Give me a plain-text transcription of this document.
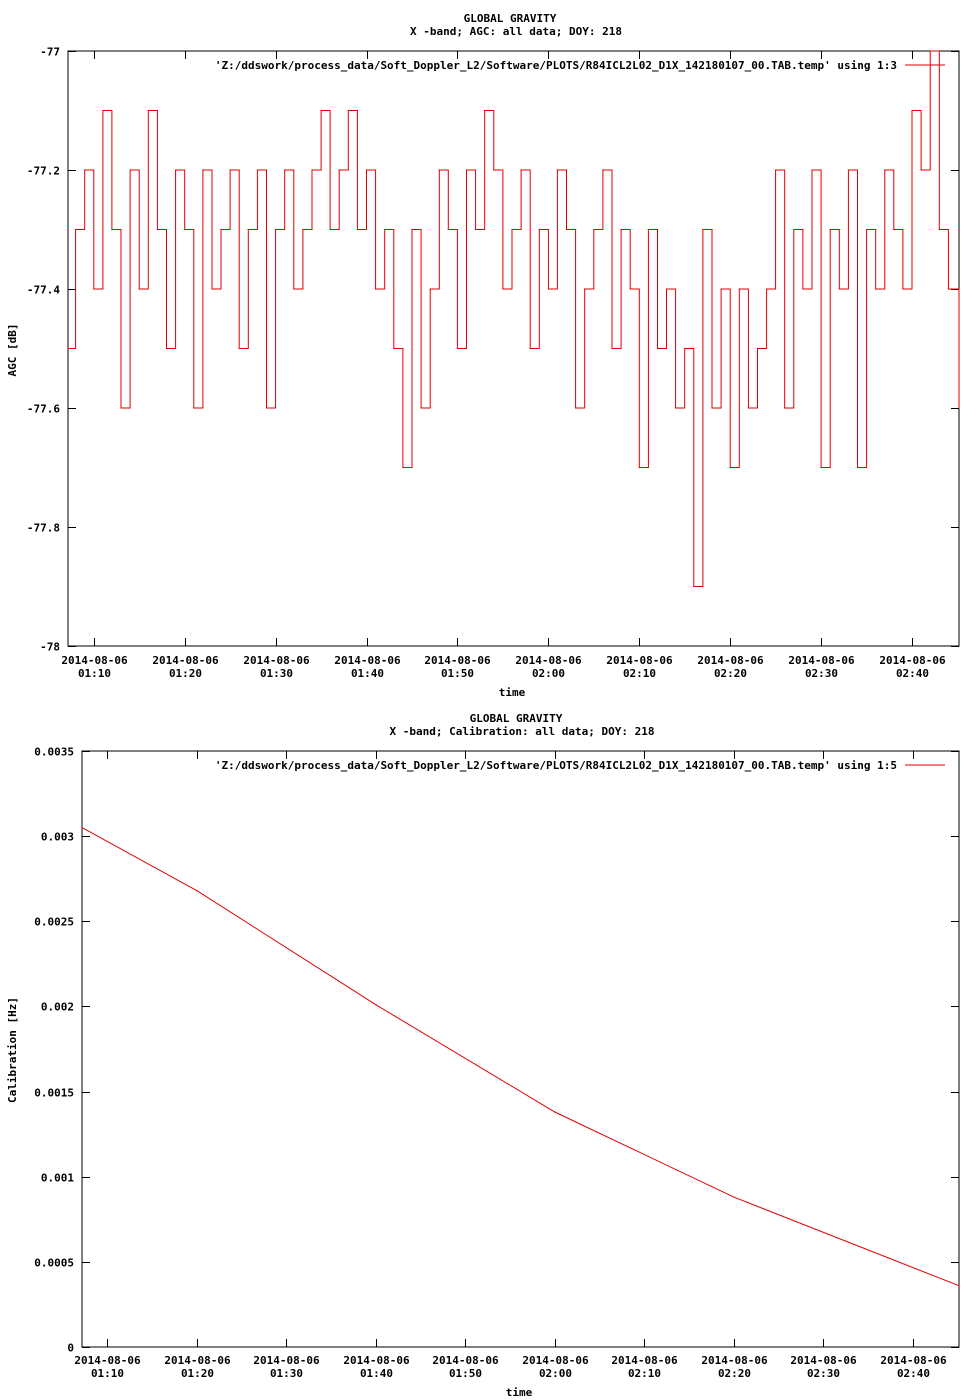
GLOBAL GRAVITY
X -band; AGC: all data; DOY: 218
AGC [dB]
time
'Z:/ddswork/process_data/Soft_Doppler_L2/Software/PLOTS/R84ICL2L02_D1X_142180107_00.TAB.temp' using 1:3
-77
-77.2
-77.4
-77.6
-77.8
-78
2014-08-06
01:10
2014-08-06
01:20
2014-08-06
01:30
2014-08-06
01:40
2014-08-06
01:50
2014-08-06
02:00
2014-08-06
02:10
2014-08-06
02:20
2014-08-06
02:30
2014-08-06
02:40
GLOBAL GRAVITY
X -band; Calibration: all data; DOY: 218
Calibration [Hz]
time
'Z:/ddswork/process_data/Soft_Doppler_L2/Software/PLOTS/R84ICL2L02_D1X_142180107_00.TAB.temp' using 1:5
0.0035
0.003
0.0025
0.002
0.0015
0.001
0.0005
0
2014-08-06
01:10
2014-08-06
01:20
2014-08-06
01:30
2014-08-06
01:40
2014-08-06
01:50
2014-08-06
02:00
2014-08-06
02:10
2014-08-06
02:20
2014-08-06
02:30
2014-08-06
02:40
